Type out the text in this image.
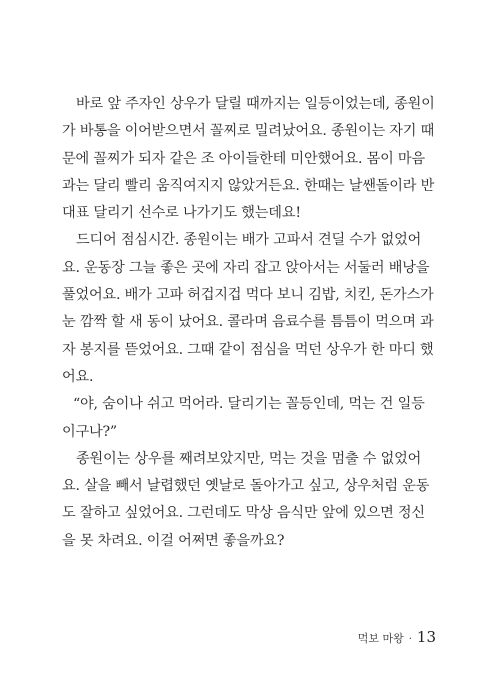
바로 앞 주자인 상우가 달릴 때까지는 일등이었는데, 종원이
가 바통을 이어받으면서 꼴찌로 밀려났어요. 종원이는 자기 때
문에 꼴찌가 되자 같은 조 아이들한테 미안했어요. 몸이 마음
과는 달리 빨리 움직여지지 않았거든요. 한때는 날쌘돌이라 반
대표 달리기 선수로 나가기도 했는데요!
드디어 점심시간. 종원이는 배가 고파서 견딜 수가 없었어
요. 운동장 그늘 좋은 곳에 자리 잡고 앉아서는 서둘러 배낭을
풀었어요. 배가 고파 허겁지겁 먹다 보니 김밥, 치킨, 돈가스가
눈 깜짝 할 새 동이 났어요. 콜라며 음료수를 틈틈이 먹으며 과
자 봉지를 뜯었어요. 그때 같이 점심을 먹던 상우가 한 마디 했
어요.
“야, 숨이나 쉬고 먹어라. 달리기는 꼴등인데, 먹는 건 일등
이구나?”
종원이는 상우를 째려보았지만, 먹는 것을 멈출 수 없었어
요. 살을 빼서 날렵했던 옛날로 돌아가고 싶고, 상우처럼 운동
도 잘하고 싶었어요. 그런데도 막상 음식만 앞에 있으면 정신
을 못 차려요. 이걸 어쩌면 좋을까요?
먹보 마왕 · 13
